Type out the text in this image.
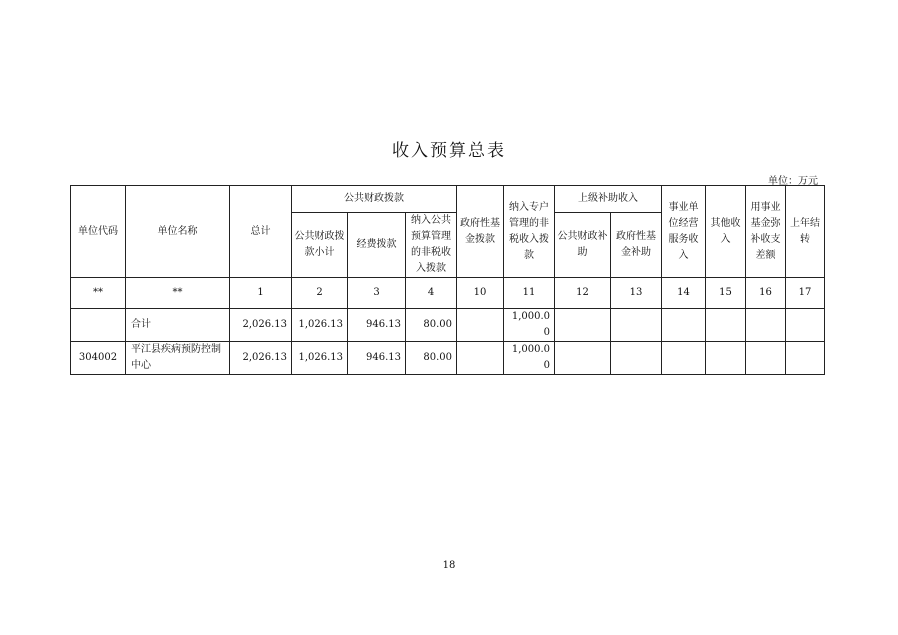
收入预算总表
单位：万元
单位代码	单位名称	总计	公共财政拨款			政府性基金拨款	纳入专户管理的非税收入拨款	上级补助收入		事业单位经营服务收入	其他收入	用事业基金弥补收支差额	上年结转
			公共财政拨款小计	经费拨款	纳入公共预算管理的非税收入拨款								
								公共财政补助	政府性基金补助				
**	**	1	2	3	4	10	11	12	13	14	15	16	17
	合计	2,026.13	1,026.13	946.13	80.00		1,000.00						
304002	平江县疾病预防控制中心	2,026.13	1,026.13	946.13	80.00		1,000.00						
18
